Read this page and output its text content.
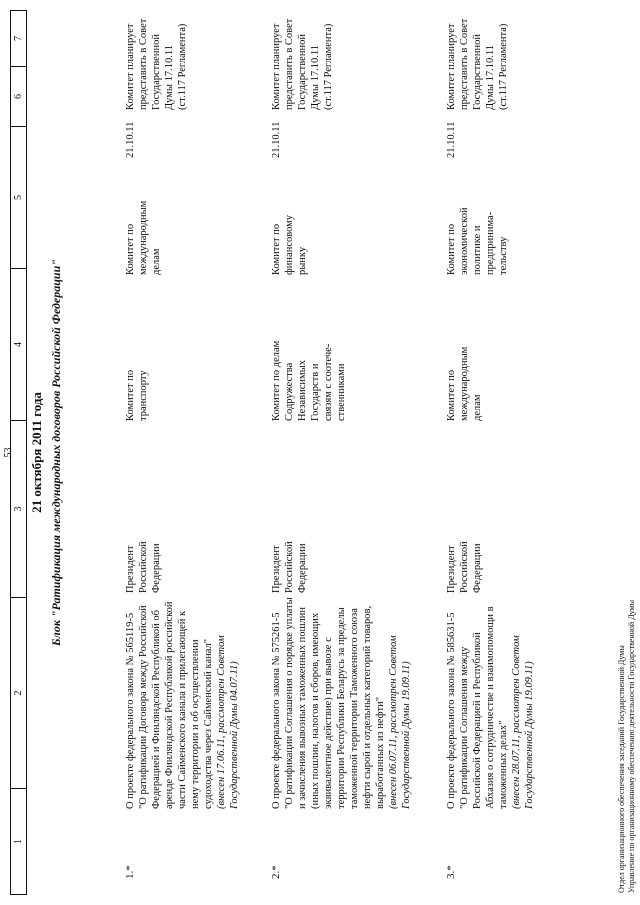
53
1
2
3
4
5
6
7
21 октября 2011 года Блок "Ратификация международных договоров Российской Федерации"
1.*
О проекте федерального закона № 565119-5 "О ратификации Договора между Российской Федерацией и Финляндской Республикой об аренде Финляндской Республикой российской части Сайменского канала и прилегающей к нему территории и об осуществлении судоходства через Сайменский канал" (внесен 17.06.11, рассмотрен Советом Государственной Думы 04.07.11)
Президент Российской Федерации
Комитет по транспорту
Комитет по международным делам
21.10.11
Комитет планирует представить в Совет Государственной Думы 17.10.11 (ст.117 Регламента)
2.*
О проекте федерального закона № 575261-5 "О ратификации Соглашения о порядке уплаты и зачисления вывозных таможенных пошлин (иных пошлин, налогов и сборов, имеющих эквивалентное действие) при вывозе с территории Республики Беларусь за пределы таможенной территории Таможенного союза нефти сырой и отдельных категорий товаров, выработанных из нефти" (внесен 06.07.11, рассмотрен Советом Государственной Думы 19.09.11)
Президент Российской Федерации
Комитет по делам Содружества Независимых Государств и связям с соотече- ственниками
Комитет по финансовому рынку
21.10.11
Комитет планирует представить в Совет Государственной Думы 17.10.11 (ст.117 Регламента)
3.*
О проекте федерального закона № 585631-5 "О ратификации Соглашения между Российской Федерацией и Республикой Абхазия о сотрудничестве и взаимопомощи в таможенных делах" (внесен 28.07.11, рассмотрен Советом Государственной Думы 19.09.11)
Президент Российской Федерации
Комитет по международным делам
Комитет по экономической политике и предпринима- тельству
21.10.11
Комитет планирует представить в Совет Государственной Думы 17.10.11 (ст.117 Регламента)
Отдел организационного обеспечения заседаний Государственной Думы Управление по организационному обеспечению деятельности Государственной Думы
